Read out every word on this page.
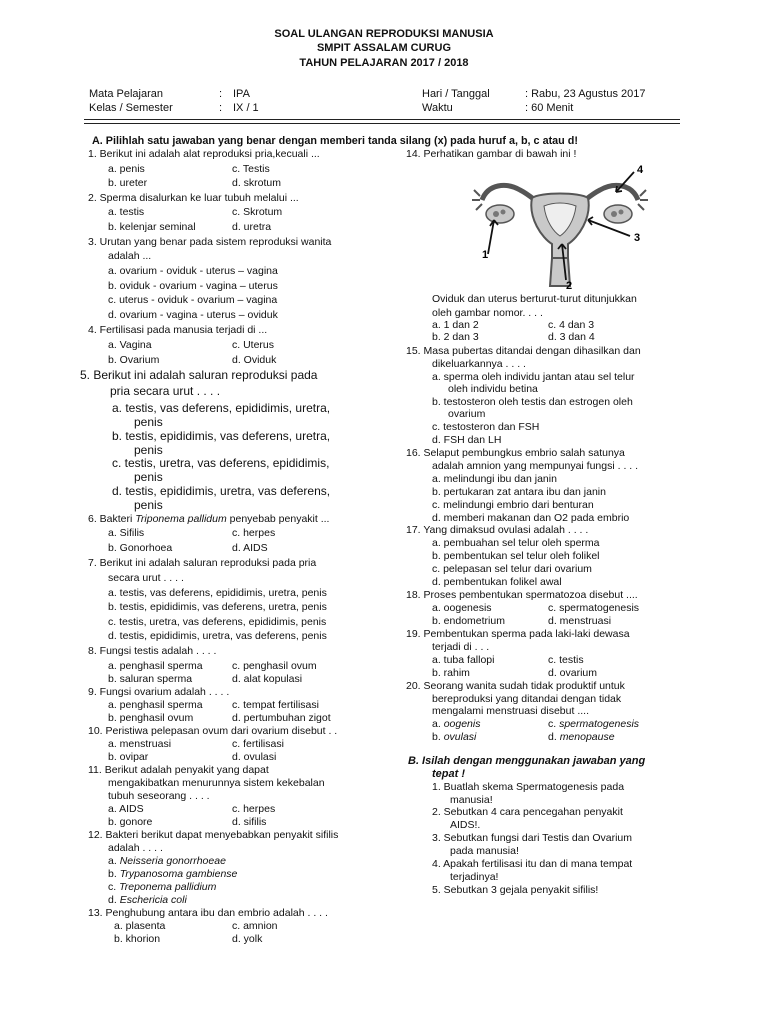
SOAL ULANGAN REPRODUKSI MANUSIA
SMPIT ASSALAM CURUG
TAHUN PELAJARAN 2017 / 2018
Mata Pelajaran	: IPA
Kelas / Semester	: IX / 1
Hari / Tanggal	: Rabu, 23 Agustus 2017
Waktu	: 60 Menit
A. Pilihlah satu jawaban yang benar dengan memberi tanda silang (x) pada huruf a, b, c atau d!
1. Berikut ini adalah alat reproduksi pria,kecuali ...
a. penis	c. Testis
b. ureter	d. skrotum
2. Sperma disalurkan ke luar tubuh melalui ...
a. testis	c. Skrotum
b. kelenjar seminal	d. uretra
3. Urutan yang benar pada sistem reproduksi wanita
adalah ...
a. ovarium - oviduk - uterus – vagina
b. oviduk - ovarium - vagina – uterus
c. uterus - oviduk - ovarium – vagina
d. ovarium - vagina - uterus – oviduk
4. Fertilisasi pada manusia terjadi di ...
a. Vagina	c. Uterus
b. Ovarium	d. Oviduk
5. Berikut ini adalah saluran reproduksi pada
pria secara urut . . . .
a. testis, vas deferens, epididimis, uretra,
penis
b. testis, epididimis, vas deferens, uretra,
penis
c. testis, uretra, vas deferens, epididimis,
penis
d. testis, epididimis, uretra, vas deferens,
penis
6. Bakteri Triponema pallidum penyebab penyakit ...
a. Sifilis	c. herpes
b. Gonorhoea	d. AIDS
7. Berikut ini adalah saluran reproduksi pada pria
secara urut . . . .
a. testis, vas deferens, epididimis, uretra, penis
b. testis, epididimis, vas deferens, uretra, penis
c. testis, uretra, vas deferens, epididimis, penis
d. testis, epididimis, uretra, vas deferens, penis
8. Fungsi testis adalah . . . .
a. penghasil sperma	c. penghasil ovum
b. saluran sperma	d. alat kopulasi
9. Fungsi ovarium adalah . . . .
a. penghasil sperma	c. tempat fertilisasi
b. penghasil ovum	d. pertumbuhan zigot
10. Peristiwa pelepasan ovum dari ovarium disebut . .
a. menstruasi	c. fertilisasi
b. ovipar	d. ovulasi
11. Berikut adalah penyakit yang dapat
mengakibatkan menurunnya sistem kekebalan
tubuh seseorang . . . .
a. AIDS	c. herpes
b. gonore	d. sifilis
12. Bakteri berikut dapat menyebabkan penyakit sifilis
adalah . . . .
a. Neisseria gonorrhoeae
b. Trypanosoma gambiense
c. Treponema pallidium
d. Eschericia coli
13. Penghubung antara ibu dan embrio adalah . . . .
a. plasenta	c. amnion
b. khorion	d. yolk
14. Perhatikan gambar di bawah ini !
1
2
3
4
Oviduk dan uterus berturut-turut ditunjukkan
oleh gambar nomor. . . .
a. 1 dan 2	c. 4 dan 3
b. 2 dan 3	d. 3 dan 4
15. Masa pubertas ditandai dengan dihasilkan dan
dikeluarkannya . . . .
a. sperma oleh individu jantan atau sel telur
oleh individu betina
b. testosteron oleh testis dan estrogen oleh
ovarium
c. testosteron dan FSH
d. FSH dan LH
16. Selaput pembungkus embrio salah satunya
adalah amnion yang mempunyai fungsi . . . .
a. melindungi ibu dan janin
b. pertukaran zat antara ibu dan janin
c. melindungi embrio dari benturan
d. memberi makanan dan O2 pada embrio
17. Yang dimaksud ovulasi adalah . . . .
a. pembuahan sel telur oleh sperma
b. pembentukan sel telur oleh folikel
c. pelepasan sel telur dari ovarium
d. pembentukan folikel awal
18. Proses pembentukan spermatozoa disebut ....
a. oogenesis	c. spermatogenesis
b. endometrium	d. menstruasi
19. Pembentukan sperma pada laki-laki dewasa
terjadi di . . .
a. tuba fallopi	c. testis
b. rahim	d. ovarium
20. Seorang wanita sudah tidak produktif untuk
bereproduksi yang ditandai dengan tidak
mengalami menstruasi disebut ....
a. oogenis	c. spermatogenesis
b. ovulasi	d. menopause
B. Isilah dengan menggunakan jawaban yang
tepat !
1. Buatlah skema Spermatogenesis pada
manusia!
2. Sebutkan 4 cara pencegahan penyakit
AIDS!.
3. Sebutkan fungsi dari Testis dan Ovarium
pada manusia!
4. Apakah fertilisasi itu dan di mana tempat
terjadinya!
5. Sebutkan 3 gejala penyakit sifilis!
